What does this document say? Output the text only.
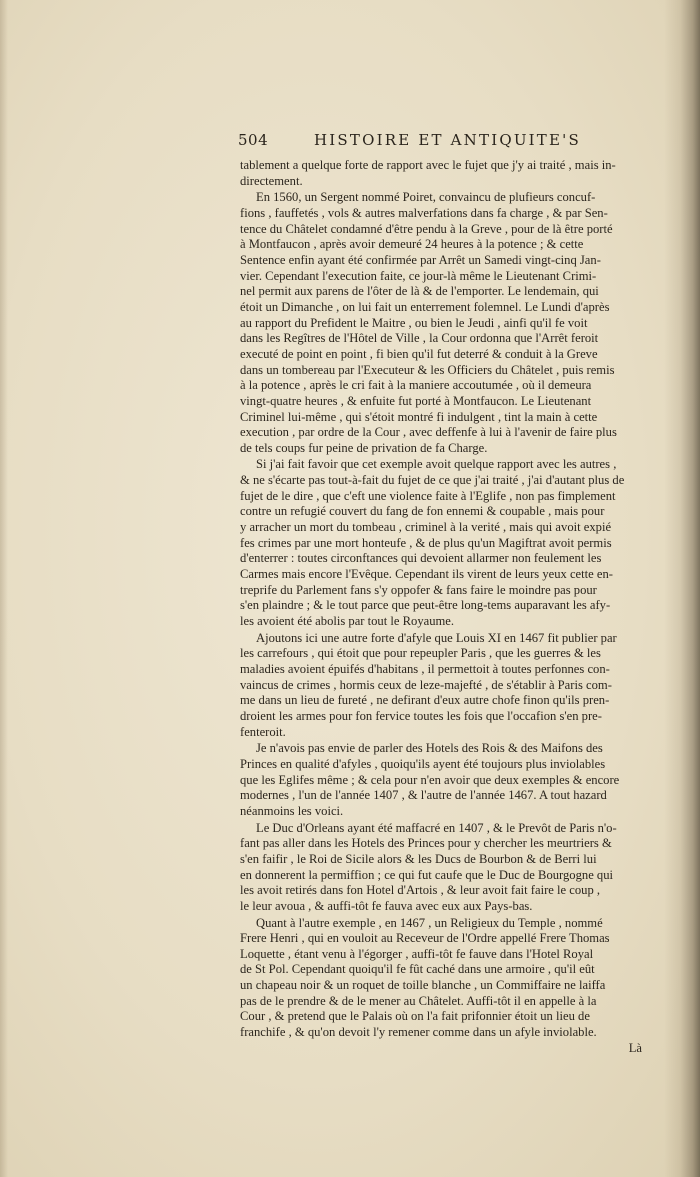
504	HISTOIRE ET ANTIQUITE'S
tablement a quelque forte de rapport avec le fujet que j'y ai traité , mais in-
directement.
En 1560, un Sergent nommé Poiret, convaincu de plufieurs concuf-
fions , fauffetés , vols & autres malverfations dans fa charge , & par Sen-
tence du Châtelet condamné d'être pendu à la Greve , pour de là être porté
à Montfaucon , après avoir demeuré 24 heures à la potence ; & cette
Sentence enfin ayant été confirmée par Arrêt un Samedi vingt-cinq Jan-
vier. Cependant l'execution faite, ce jour-là même le Lieutenant Crimi-
nel permit aux parens de l'ôter de là & de l'emporter. Le lendemain, qui
étoit un Dimanche , on lui fait un enterrement folemnel. Le Lundi d'après
au rapport du Prefident le Maitre , ou bien le Jeudi , ainfi qu'il fe voit
dans les Regîtres de l'Hôtel de Ville , la Cour ordonna que l'Arrêt feroit
executé de point en point , fi bien qu'il fut deterré & conduit à la Greve
dans un tombereau par l'Executeur & les Officiers du Châtelet , puis remis
à la potence , après le cri fait à la maniere accoutumée , où il demeura
vingt-quatre heures , & enfuite fut porté à Montfaucon. Le Lieutenant
Criminel lui-même , qui s'étoit montré fi indulgent , tint la main à cette
execution , par ordre de la Cour , avec deffenfe à lui à l'avenir de faire plus
de tels coups fur peine de privation de fa Charge.
Si j'ai fait favoir que cet exemple avoit quelque rapport avec les autres ,
& ne s'écarte pas tout-à-fait du fujet de ce que j'ai traité , j'ai d'autant plus de
fujet de le dire , que c'eft une violence faite à l'Eglife , non pas fimplement
contre un refugié couvert du fang de fon ennemi & coupable , mais pour
y arracher un mort du tombeau , criminel à la verité , mais qui avoit expié
fes crimes par une mort honteufe , & de plus qu'un Magiftrat avoit permis
d'enterrer : toutes circonftances qui devoient allarmer non feulement les
Carmes mais encore l'Evêque. Cependant ils virent de leurs yeux cette en-
treprife du Parlement fans s'y oppofer & fans faire le moindre pas pour
s'en plaindre ; & le tout parce que peut-être long-tems auparavant les afy-
les avoient été abolis par tout le Royaume.
Ajoutons ici une autre forte d'afyle que Louis XI en 1467 fit publier par
les carrefours , qui étoit que pour repeupler Paris , que les guerres & les
maladies avoient épuifés d'habitans , il permettoit à toutes perfonnes con-
vaincus de crimes , hormis ceux de leze-majefté , de s'établir à Paris com-
me dans un lieu de fureté , ne defirant d'eux autre chofe finon qu'ils pren-
droient les armes pour fon fervice toutes les fois que l'occafion s'en pre-
fenteroit.
Je n'avois pas envie de parler des Hotels des Rois & des Maifons des
Princes en qualité d'afyles , quoiqu'ils ayent été toujours plus inviolables
que les Eglifes même ; & cela pour n'en avoir que deux exemples & encore
modernes , l'un de l'année 1407 , & l'autre de l'année 1467. A tout hazard
néanmoins les voici.
Le Duc d'Orleans ayant été maffacré en 1407 , & le Prevôt de Paris n'o-
fant pas aller dans les Hotels des Princes pour y chercher les meurtriers &
s'en faifir , le Roi de Sicile alors & les Ducs de Bourbon & de Berri lui
en donnerent la permiffion ; ce qui fut caufe que le Duc de Bourgogne qui
les avoit retirés dans fon Hotel d'Artois , & leur avoit fait faire le coup ,
le leur avoua , & auffi-tôt fe fauva avec eux aux Pays-bas.
Quant à l'autre exemple , en 1467 , un Religieux du Temple , nommé
Frere Henri , qui en vouloit au Receveur de l'Ordre appellé Frere Thomas
Loquette , étant venu à l'égorger , auffi-tôt fe fauve dans l'Hotel Royal
de St Pol. Cependant quoiqu'il fe fût caché dans une armoire , qu'il eût
un chapeau noir & un roquet de toille blanche , un Commiffaire ne laiffa
pas de le prendre & de le mener au Châtelet. Auffi-tôt il en appelle à la
Cour , & pretend que le Palais où on l'a fait prifonnier étoit un lieu de
franchife , & qu'on devoit l'y remener comme dans un afyle inviolable.
Là
